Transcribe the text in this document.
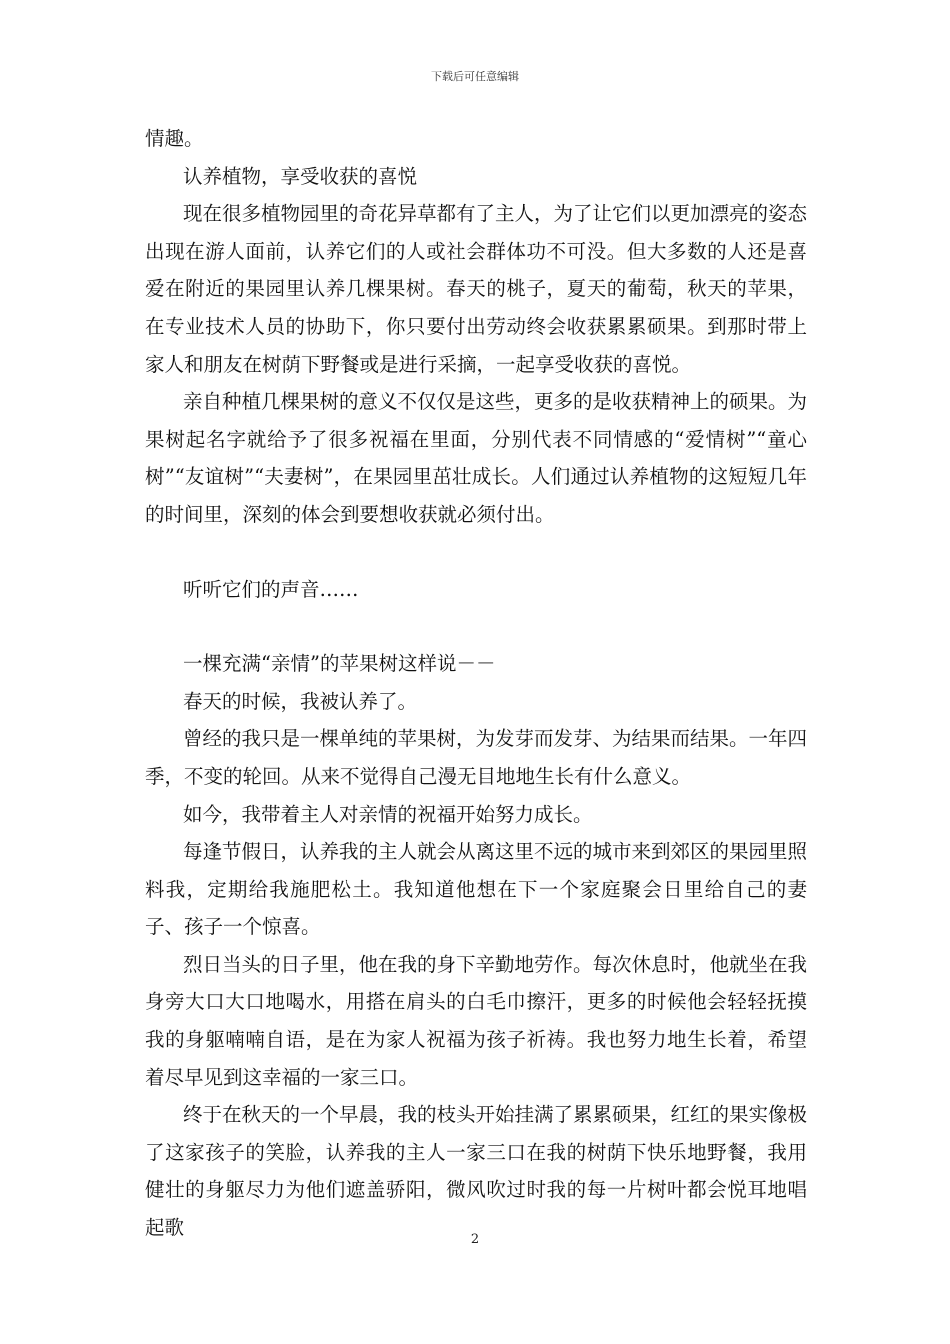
下载后可任意编辑

情趣。

认养植物，享受收获的喜悦

现在很多植物园里的奇花异草都有了主人，为了让它们以更加漂亮的姿态出现在游人面前，认养它们的人或社会群体功不可没。但大多数的人还是喜爱在附近的果园里认养几棵果树。春天的桃子，夏天的葡萄，秋天的苹果，在专业技术人员的协助下，你只要付出劳动终会收获累累硕果。到那时带上家人和朋友在树荫下野餐或是进行采摘，一起享受收获的喜悦。

亲自种植几棵果树的意义不仅仅是这些，更多的是收获精神上的硕果。为果树起名字就给予了很多祝福在里面，分别代表不同情感的“爱情树”“童心树”“友谊树”“夫妻树”，在果园里茁壮成长。人们通过认养植物的这短短几年的时间里，深刻的体会到要想收获就必须付出。

听听它们的声音……

一棵充满“亲情”的苹果树这样说－－

春天的时候，我被认养了。

曾经的我只是一棵单纯的苹果树，为发芽而发芽、为结果而结果。一年四季，不变的轮回。从来不觉得自己漫无目地地生长有什么意义。

如今，我带着主人对亲情的祝福开始努力成长。

每逢节假日，认养我的主人就会从离这里不远的城市来到郊区的果园里照料我，定期给我施肥松土。我知道他想在下一个家庭聚会日里给自己的妻子、孩子一个惊喜。

烈日当头的日子里，他在我的身下辛勤地劳作。每次休息时，他就坐在我身旁大口大口地喝水，用搭在肩头的白毛巾擦汗，更多的时候他会轻轻抚摸我的身躯喃喃自语，是在为家人祝福为孩子祈祷。我也努力地生长着，希望着尽早见到这幸福的一家三口。

终于在秋天的一个早晨，我的枝头开始挂满了累累硕果，红红的果实像极了这家孩子的笑脸，认养我的主人一家三口在我的树荫下快乐地野餐，我用健壮的身躯尽力为他们遮盖骄阳，微风吹过时我的每一片树叶都会悦耳地唱起歌

2
